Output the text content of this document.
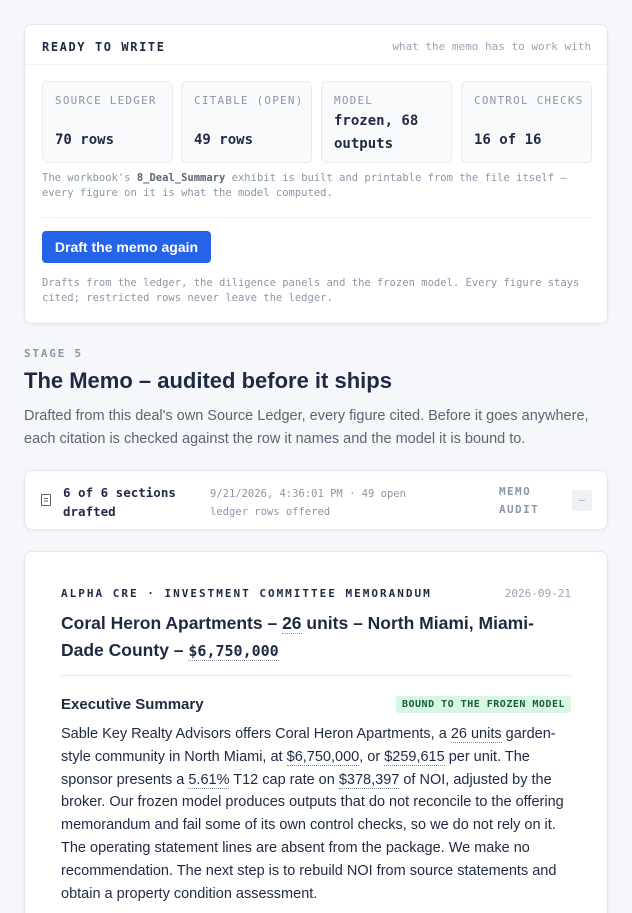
READY TO WRITE	what the memo has to work with
SOURCE LEDGER
70 rows
CITABLE (OPEN)
49 rows
MODEL
frozen, 68 outputs
CONTROL CHECKS
16 of 16
The workbook's 8_Deal_Summary exhibit is built and printable from the file itself — every figure on it is what the model computed.
Draft the memo again
Drafts from the ledger, the diligence panels and the frozen model. Every figure stays cited; restricted rows never leave the ledger.
STAGE 5
The Memo – audited before it ships
Drafted from this deal's own Source Ledger, every figure cited. Before it goes anywhere, each citation is checked against the row it names and the model it is bound to.
6 of 6 sections drafted
9/21/2026, 4:36:01 PM · 49 open ledger rows offered
MEMO AUDIT
–
ALPHA CRE · INVESTMENT COMMITTEE MEMORANDUM	2026-09-21
Coral Heron Apartments – 26 units – North Miami, Miami-Dade County – $6,750,000
Executive Summary	BOUND TO THE FROZEN MODEL
Sable Key Realty Advisors offers Coral Heron Apartments, a 26 units garden-style community in North Miami, at $6,750,000, or $259,615 per unit. The sponsor presents a 5.61% T12 cap rate on $378,397 of NOI, adjusted by the broker. Our frozen model produces outputs that do not reconcile to the offering memorandum and fail some of its own control checks, so we do not rely on it. The operating statement lines are absent from the package. We make no recommendation. The next step is to rebuild NOI from source statements and obtain a property condition assessment.
